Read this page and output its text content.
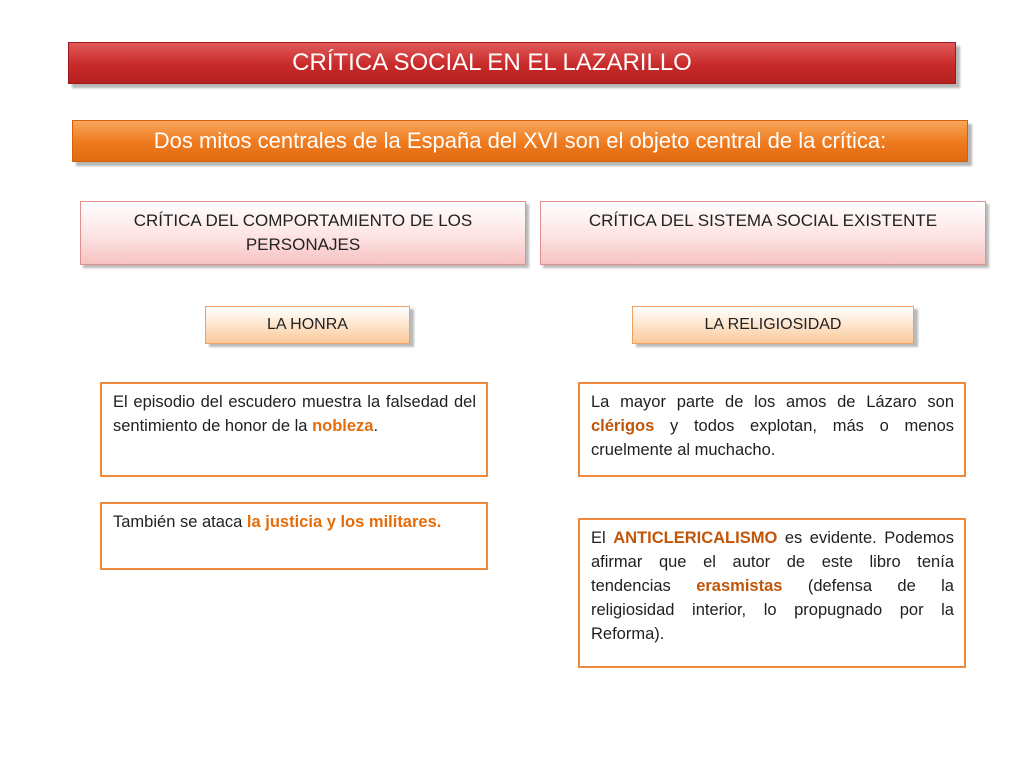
CRÍTICA SOCIAL EN EL LAZARILLO
Dos mitos centrales de la España del XVI son el objeto central de la crítica:
CRÍTICA DEL COMPORTAMIENTO DE LOS PERSONAJES
CRÍTICA DEL SISTEMA SOCIAL EXISTENTE
LA HONRA	LA RELIGIOSIDAD
El episodio del escudero muestra la falsedad del sentimiento de honor de la nobleza.
También se ataca la justicia y los militares.
La mayor parte de los amos de Lázaro son clérigos y todos explotan, más o menos cruelmente al muchacho.
El ANTICLERICALISMO es evidente. Podemos afirmar que el autor de este libro tenía tendencias erasmistas (defensa de la religiosidad interior, lo propugnado por la Reforma).
